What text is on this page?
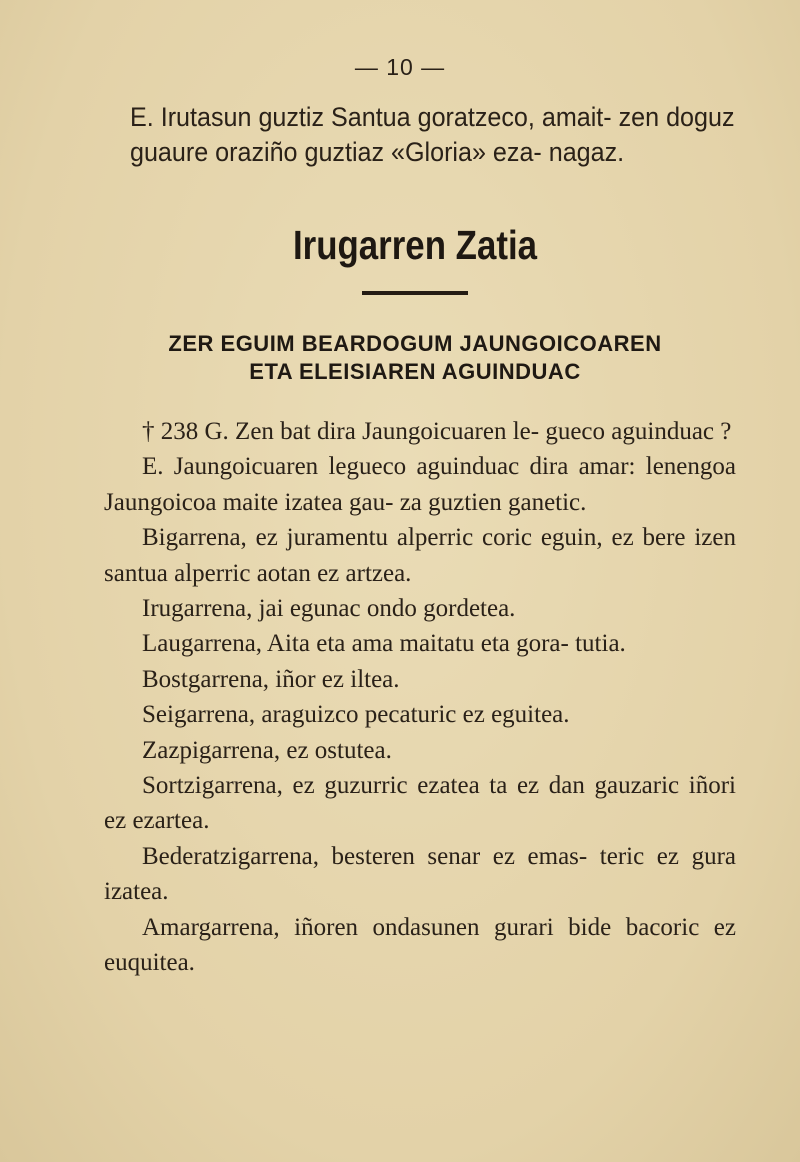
— 10 —
E. Irutasun guztiz Santua goratzeco, amait- zen doguz guaure oraziño guztiaz «Gloria» eza- nagaz.
Irugarren Zatia
ZER EGUIM BEARDOGUM JAUNGOICOAREN
ETA ELEISIAREN AGUINDUAC

† 238 G. Zen bat dira Jaungoicuaren le- gueco aguinduac ?

E. Jaungoicuaren legueco aguinduac dira amar: lenengoa Jaungoicoa maite izatea gau- za guztien ganetic.

Bigarrena, ez juramentu alperric coric eguin, ez bere izen santua alperric aotan ez artzea.

Irugarrena, jai egunac ondo gordetea.

Laugarrena, Aita eta ama maitatu eta gora- tutia.

Bostgarrena, iñor ez iltea.

Seigarrena, araguizco pecaturic ez eguitea.

Zazpigarrena, ez ostutea.

Sortzigarrena, ez guzurric ezatea ta ez dan gauzaric iñori ez ezartea.

Bederatzigarrena, besteren senar ez emas- teric ez gura izatea.

Amargarrena, iñoren ondasunen gurari bide bacoric ez euquitea.
